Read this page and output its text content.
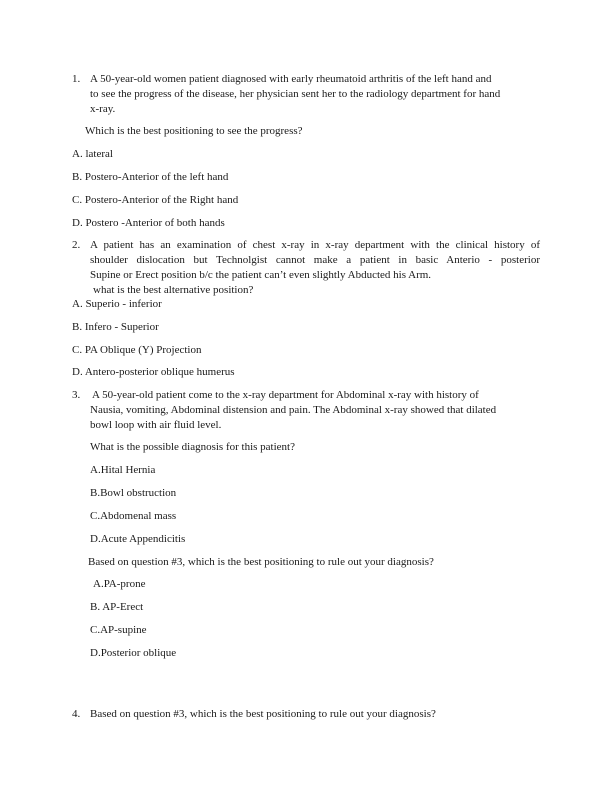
1. A 50-year-old women patient diagnosed with early rheumatoid arthritis of the left hand and
to see the progress of the disease, her physician sent her to the radiology department for hand
x-ray.
Which is the best positioning to see the progress?
A. lateral
B. Postero-Anterior of the left hand
C. Postero-Anterior of the Right hand
D. Postero -Anterior of both hands
2. A patient has an examination of chest x-ray in x-ray department with the clinical history of
shoulder dislocation but Technolgist cannot make a patient in basic Anterio - posterior
Supine or Erect position b/c the patient can’t even slightly Abducted his Arm.
what is the best alternative position?
A. Superio - inferior
B. Infero - Superior
C. PA Oblique (Y) Projection
D. Antero-posterior oblique humerus
3. A 50-year-old patient come to the x-ray department for Abdominal x-ray with history of
Nausia, vomiting, Abdominal distension and pain. The Abdominal x-ray showed that dilated
bowl loop with air fluid level.
What is the possible diagnosis for this patient?
A.Hital Hernia
B.Bowl obstruction
C.Abdomenal mass
D.Acute Appendicitis
Based on question #3, which is the best positioning to rule out your diagnosis?
A.PA-prone
B. AP-Erect
C.AP-supine
D.Posterior oblique
4. Based on question #3, which is the best positioning to rule out your diagnosis?
